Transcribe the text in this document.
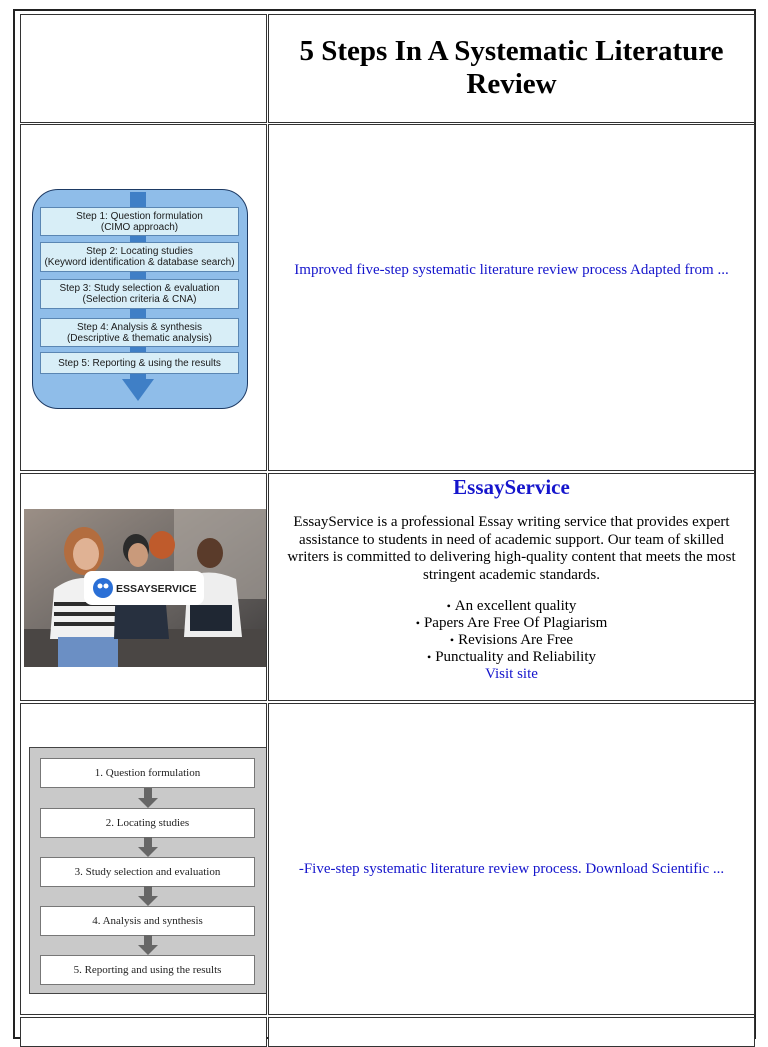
5 Steps In A Systematic Literature Review
Step 1: Question formulation
(CIMO approach)
Step 2: Locating studies
(Keyword identification & database search)
Step 3: Study selection & evaluation
(Selection criteria & CNA)
Step 4: Analysis & synthesis
(Descriptive & thematic analysis)
Step 5: Reporting & using the results
Improved five-step systematic literature review process Adapted from ...
ESSAYSERVICE
EssayService
EssayService is a professional Essay writing service that provides expert assistance to students in need of academic support. Our team of skilled writers is committed to delivering high-quality content that meets the most stringent academic standards.
• An excellent quality
• Papers Are Free Of Plagiarism
• Revisions Are Free
• Punctuality and Reliability
Visit site
1. Question formulation
2. Locating studies
3. Study selection and evaluation
4. Analysis and synthesis
5. Reporting and using the results
-Five-step systematic literature review process. Download Scientific ...
